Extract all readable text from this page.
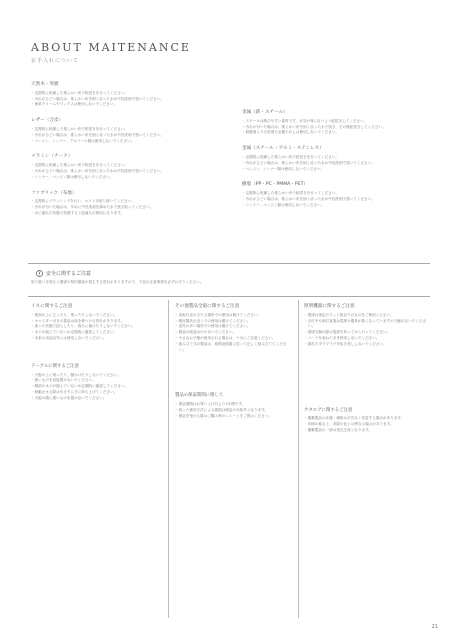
ABOUT MAITENANCE
お手入れについて
天然木・突板

・定期的に乾燥した柔らかい布で乾拭きを行ってください。

・汚れがひどい場合は、柔らかい布を固く絞った水か中性洗剤で拭いてください。

・保革クリームやワックスは使用しないでください。

レザー（合皮）

・定期的に乾燥した柔らかい布で乾拭きを行ってください。

・汚れがひどい場合は、柔らかい布を固く絞った水か中性洗剤で拭いてください。

・ベンジン、シンナー、アルコール類は使用しないでください。

メラミン（チーク）

・定期的に乾燥した柔らかい布で乾拭きを行ってください。

・汚れがひどい場合は、柔らかい布を固く絞った水か中性洗剤で拭いてください。

・シンナー、ベンジン類は使用しないでください。

ファブリック（布地）

・定期的にブラッシングを行い、ホコリを取り除いてください。

・汚れが付いた場合は、早めに中性洗剤を薄めた水で拭き取ってください。

・水に濡れた状態で放置すると色落ちの原因になります。

金属（鉄・スチール）

・スチールは錆びやすい素材です。水気が残らないよう乾拭きしてください。

・汚れが付いた場合は、柔らかい布を固く絞った水で拭き、その後乾拭きしてください。

・研磨剤入りの洗剤や金属たわしは使用しないでください。

金属（スチール・アルミ・ステンレス）

・定期的に乾燥した柔らかい布で乾拭きを行ってください。

・汚れがひどい場合は、柔らかい布を固く絞った水か中性洗剤で拭いてください。

・ベンジン、シンナー類は使用しないでください。

樹脂（PP・PC・PMMA・PET）

・定期的に乾燥した柔らかい布で乾拭きを行ってください。

・汚れがひどい場合は、柔らかい布を固く絞った水か中性洗剤で拭いてください。

・シンナー、ベンジン類は使用しないでください。

安全に関するご注意
取り扱いを誤ると傷害や物的損害が発生する恐れがありますので、下記の注意事項を必ずお守りください。
イスに関するご注意

・座面の上に立ったり、乗ったりしないでください。

・キャスター付きの製品は床を傷つける恐れがあります。

・座った状態で揺らしたり、後ろに傾けたりしないでください。

・ネジが緩んでいないか定期的に確認してください。

・本来の用途以外には使用しないでください。

テーブルに関するご注意

・天板の上に乗ったり、腰かけたりしないでください。

・熱いものを直接置かないでください。

・脚部のネジが緩んでいないか定期的に確認してください。

・移動させる際は引きずらずに持ち上げてください。

・天板の端に重いものを置かないでください。

その他製品全般に関するご注意

・直射日光の当たる場所での使用は避けてください。

・暖房器具の近くでの使用は避けてください。

・湿気の多い場所での使用は避けてください。

・製品の改造は行わないでください。

・小さなお子様が使用される場合は、十分にご注意ください。

・組み立て式の製品は、取扱説明書に従って正しく組み立ててください。

製品の保証期間に関して

・保証期間はお買い上げ日より1年間です。

・誤った使用方法による破損は保証の対象外となります。

・保証を受ける際はご購入時のレシートをご提示ください。

照明機器に関するご注意

・電球は指定のワット数以下のものをご使用ください。

・点灯中や消灯直後は電球や器具が熱くなっていますので触れないでください。

・電球交換の際は電源を切ってから行ってください。

・コードを束ねたまま使用しないでください。

・濡れた手でプラグを抜き差ししないでください。

カタログに関するご注意

・掲載製品の仕様・価格は予告なく変更する場合があります。

・印刷の都合上、実際の色とは異なる場合があります。

・掲載製品の一部は受注生産となります。

21
